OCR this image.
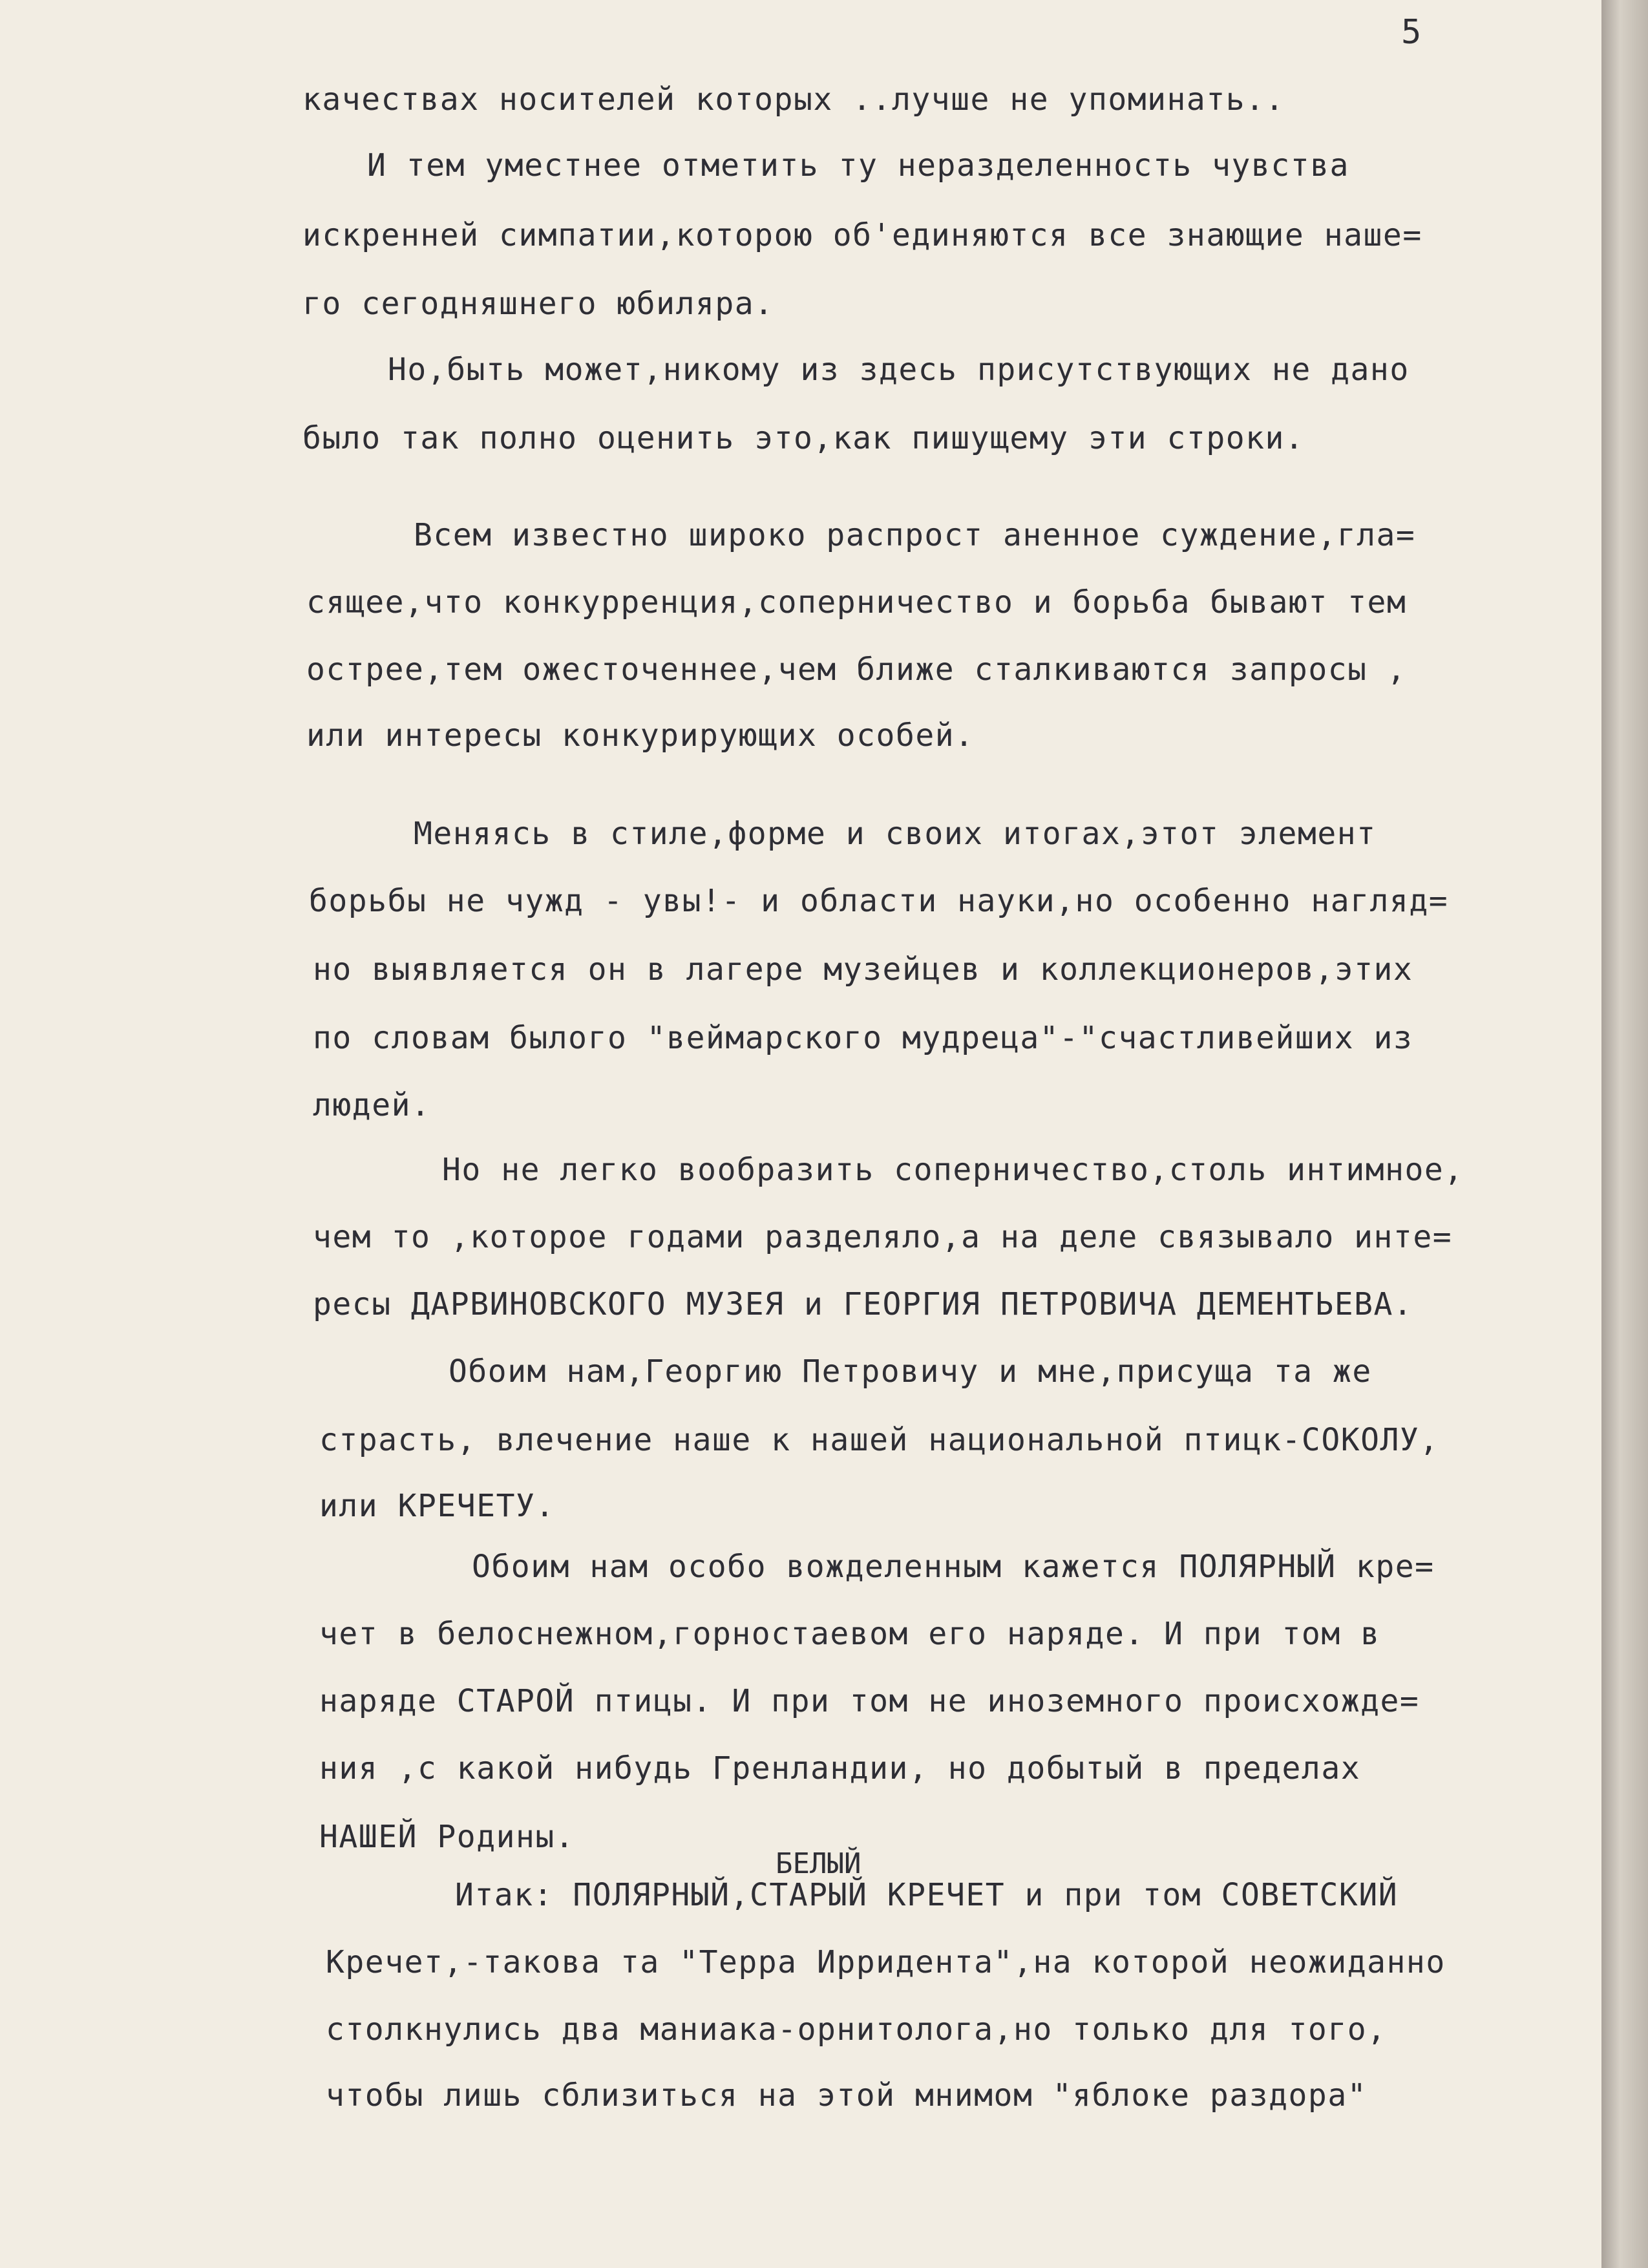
5
качествах носителей которых ..лучше не упоминать..
И тем уместнее отметить ту неразделенность чувства
искренней симпатии,которою об'единяются все знающие наше=
го сегодняшнего юбиляра.
Но,быть может,никому из здесь присутствующих не дано
было так полно оценить это,как пишущему эти строки.
Всем известно широко распрост аненное суждение,гла=
сящее,что конкурренция,соперничество и борьба бывают тем
острее,тем ожесточеннее,чем ближе сталкиваются запросы ,
или интересы конкурирующих особей.
Меняясь в стиле,форме и своих итогах,этот элемент
борьбы не чужд - увы!- и области науки,но особенно нагляд=
но выявляется он в лагере музейцев и коллекционеров,этих
по словам былого "веймарского мудреца"-"счастливейших из
людей.
Но не легко вообразить соперничество,столь интимное,
чем то ,которое годами разделяло,а на деле связывало инте=
ресы ДАРВИНОВСКОГО МУЗЕЯ и ГЕОРГИЯ ПЕТРОВИЧА ДЕМЕНТЬЕВА.
Обоим нам,Георгию Петровичу и мне,присуща та же
страсть, влечение наше к нашей национальной птицк-СОКОЛУ,
или КРЕЧЕТУ.
Обоим нам особо вожделенным кажется ПОЛЯРНЫЙ кре=
чет в белоснежном,горностаевом его наряде. И при том в
наряде СТАРОЙ птицы. И при том не иноземного происхожде=
ния ,с какой нибудь Гренландии, но добытый в пределах
НАШЕЙ Родины.
БЕЛЫЙ
Итак: ПОЛЯРНЫЙ,СТАРЫЙ КРЕЧЕТ и при том СОВЕТСКИЙ
Кречет,-такова та "Терра Ирридента",на которой неожиданно
столкнулись два маниака-орнитолога,но только для того,
чтобы лишь сблизиться на этой мнимом "яблоке раздора"
